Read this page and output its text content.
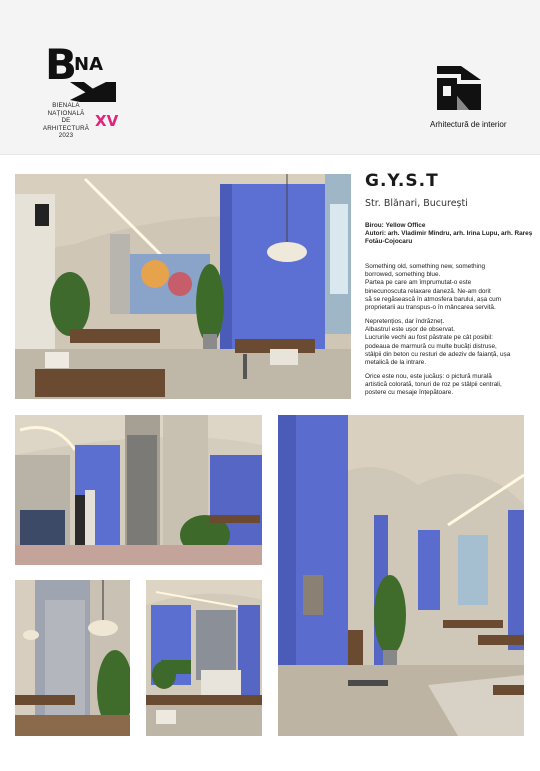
B
NA
BIENALA
NAȚIONALĂ
DE
ARHITECTURĂ
2023
XV	Arhitectură de interior
G.Y.S.T
Str. Blănari, București
Birou: Yellow Office
Autori: arh. Vladimir Mîndru, arh. Irina Lupu, arh. Rareș Fotău-Cojocaru
Something old, something new, something
borrowed, something blue.
Partea pe care am împrumutat-o este
binecunoscuta relaxare daneză. Ne-am dorit
să se regăsească în atmosfera barului, așa cum
proprietarii au transpus-o în mâncarea servită.
Nepretențios, dar îndrăzneț.
Albastrul este ușor de observat.
Lucrurile vechi au fost păstrate pe cât posibil:
podeaua de marmură cu multe bucăți distruse,
stâlpii din beton cu resturi de adeziv de faianță, ușa
metalică de la intrare.
Orice este nou, este jucăuș: o pictură murală
artistică colorată, tonuri de roz pe stâlpii centrali,
postere cu mesaje înțepătoare.
